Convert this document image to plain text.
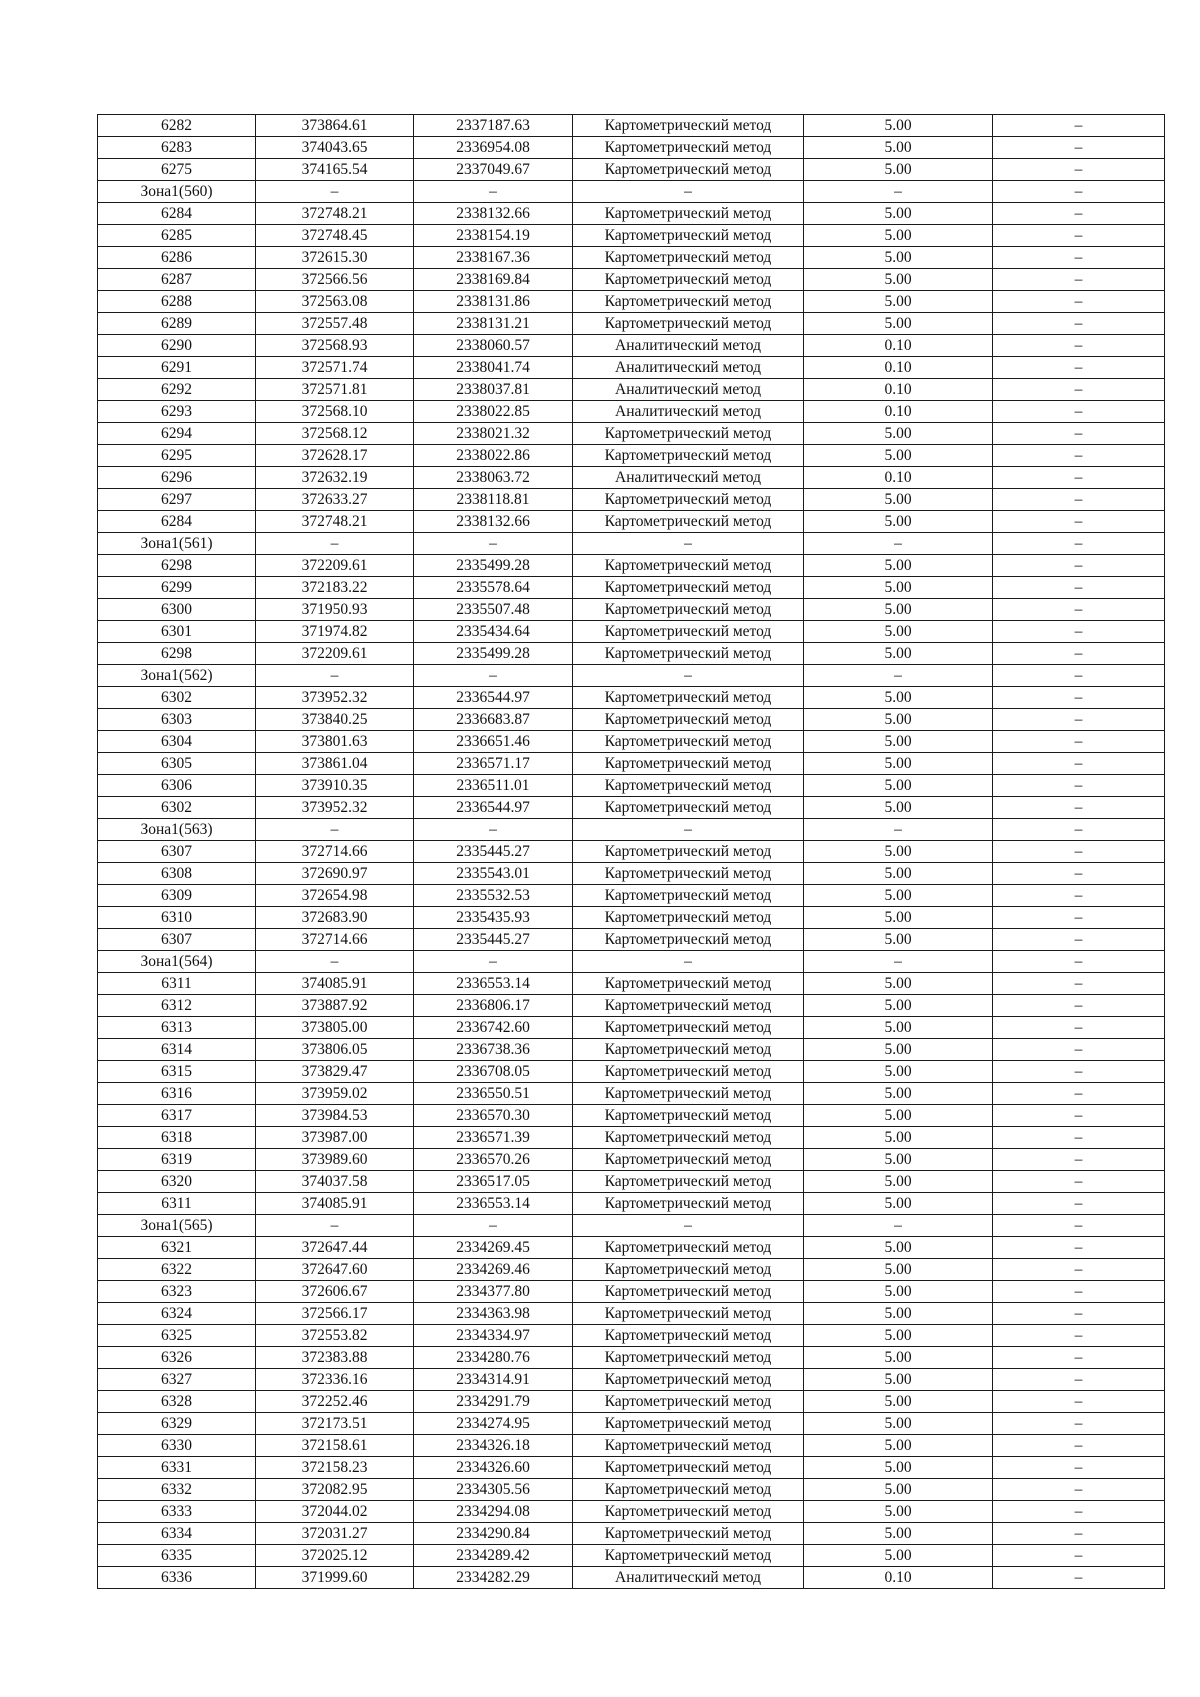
6282	373864.61	2337187.63	Картометрический метод	5.00	–
6283	374043.65	2336954.08	Картометрический метод	5.00	–
6275	374165.54	2337049.67	Картометрический метод	5.00	–
Зона1(560)	–	–	–	–	–
6284	372748.21	2338132.66	Картометрический метод	5.00	–
6285	372748.45	2338154.19	Картометрический метод	5.00	–
6286	372615.30	2338167.36	Картометрический метод	5.00	–
6287	372566.56	2338169.84	Картометрический метод	5.00	–
6288	372563.08	2338131.86	Картометрический метод	5.00	–
6289	372557.48	2338131.21	Картометрический метод	5.00	–
6290	372568.93	2338060.57	Аналитический метод	0.10	–
6291	372571.74	2338041.74	Аналитический метод	0.10	–
6292	372571.81	2338037.81	Аналитический метод	0.10	–
6293	372568.10	2338022.85	Аналитический метод	0.10	–
6294	372568.12	2338021.32	Картометрический метод	5.00	–
6295	372628.17	2338022.86	Картометрический метод	5.00	–
6296	372632.19	2338063.72	Аналитический метод	0.10	–
6297	372633.27	2338118.81	Картометрический метод	5.00	–
6284	372748.21	2338132.66	Картометрический метод	5.00	–
Зона1(561)	–	–	–	–	–
6298	372209.61	2335499.28	Картометрический метод	5.00	–
6299	372183.22	2335578.64	Картометрический метод	5.00	–
6300	371950.93	2335507.48	Картометрический метод	5.00	–
6301	371974.82	2335434.64	Картометрический метод	5.00	–
6298	372209.61	2335499.28	Картометрический метод	5.00	–
Зона1(562)	–	–	–	–	–
6302	373952.32	2336544.97	Картометрический метод	5.00	–
6303	373840.25	2336683.87	Картометрический метод	5.00	–
6304	373801.63	2336651.46	Картометрический метод	5.00	–
6305	373861.04	2336571.17	Картометрический метод	5.00	–
6306	373910.35	2336511.01	Картометрический метод	5.00	–
6302	373952.32	2336544.97	Картометрический метод	5.00	–
Зона1(563)	–	–	–	–	–
6307	372714.66	2335445.27	Картометрический метод	5.00	–
6308	372690.97	2335543.01	Картометрический метод	5.00	–
6309	372654.98	2335532.53	Картометрический метод	5.00	–
6310	372683.90	2335435.93	Картометрический метод	5.00	–
6307	372714.66	2335445.27	Картометрический метод	5.00	–
Зона1(564)	–	–	–	–	–
6311	374085.91	2336553.14	Картометрический метод	5.00	–
6312	373887.92	2336806.17	Картометрический метод	5.00	–
6313	373805.00	2336742.60	Картометрический метод	5.00	–
6314	373806.05	2336738.36	Картометрический метод	5.00	–
6315	373829.47	2336708.05	Картометрический метод	5.00	–
6316	373959.02	2336550.51	Картометрический метод	5.00	–
6317	373984.53	2336570.30	Картометрический метод	5.00	–
6318	373987.00	2336571.39	Картометрический метод	5.00	–
6319	373989.60	2336570.26	Картометрический метод	5.00	–
6320	374037.58	2336517.05	Картометрический метод	5.00	–
6311	374085.91	2336553.14	Картометрический метод	5.00	–
Зона1(565)	–	–	–	–	–
6321	372647.44	2334269.45	Картометрический метод	5.00	–
6322	372647.60	2334269.46	Картометрический метод	5.00	–
6323	372606.67	2334377.80	Картометрический метод	5.00	–
6324	372566.17	2334363.98	Картометрический метод	5.00	–
6325	372553.82	2334334.97	Картометрический метод	5.00	–
6326	372383.88	2334280.76	Картометрический метод	5.00	–
6327	372336.16	2334314.91	Картометрический метод	5.00	–
6328	372252.46	2334291.79	Картометрический метод	5.00	–
6329	372173.51	2334274.95	Картометрический метод	5.00	–
6330	372158.61	2334326.18	Картометрический метод	5.00	–
6331	372158.23	2334326.60	Картометрический метод	5.00	–
6332	372082.95	2334305.56	Картометрический метод	5.00	–
6333	372044.02	2334294.08	Картометрический метод	5.00	–
6334	372031.27	2334290.84	Картометрический метод	5.00	–
6335	372025.12	2334289.42	Картометрический метод	5.00	–
6336	371999.60	2334282.29	Аналитический метод	0.10	–
